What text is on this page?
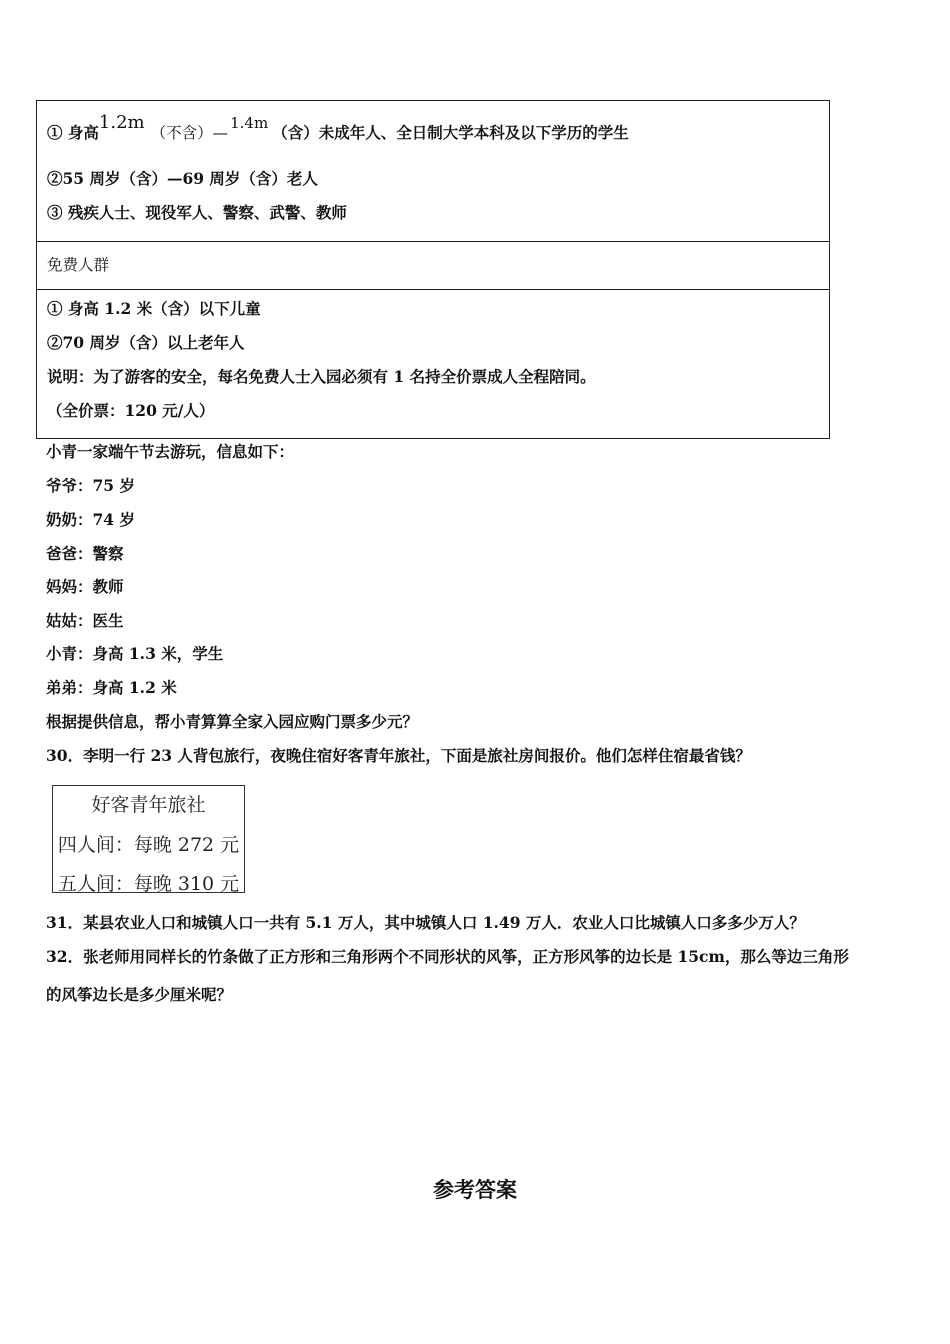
① 身高1.2m （不含）—1.4m （含）未成年人、全日制大学本科及以下学历的学生
②55 周岁（含）—69 周岁（含）老人
③ 残疾人士、现役军人、警察、武警、教师
免费人群
① 身高 1.2 米（含）以下儿童
②70 周岁（含）以上老年人
说明：为了游客的安全，每名免费人士入园必须有 1 名持全价票成人全程陪同。
（全价票：120 元/人）
小青一家端午节去游玩，信息如下：
爷爷：75 岁
奶奶：74 岁
爸爸：警察
妈妈：教师
姑姑：医生
小青：身高 1.3 米，学生
弟弟：身高 1.2 米
根据提供信息，帮小青算算全家入园应购门票多少元？
30．李明一行 23 人背包旅行，夜晚住宿好客青年旅社，下面是旅社房间报价。他们怎样住宿最省钱？
好客青年旅社
四人间：每晚 272 元
五人间：每晚 310 元
31．某县农业人口和城镇人口一共有 5.1 万人，其中城镇人口 1.49 万人．农业人口比城镇人口多多少万人？
32．张老师用同样长的竹条做了正方形和三角形两个不同形状的风筝，正方形风筝的边长是 15cm，那么等边三角形
的风筝边长是多少厘米呢？
参考答案
